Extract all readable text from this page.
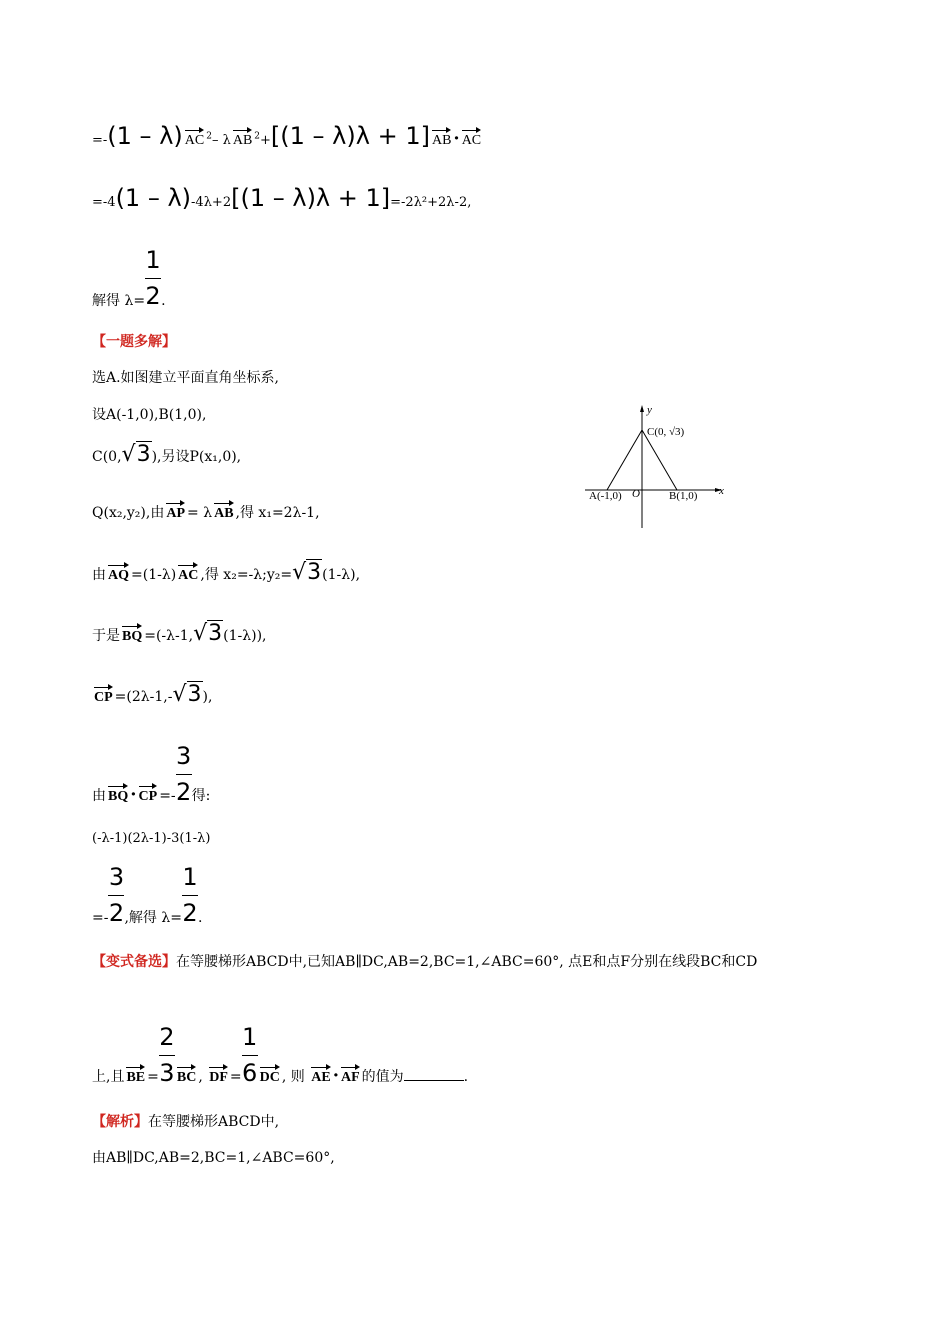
=-(1 – λ) AC $^2$– λ AB $^2$+[(1 – λ)λ + 1] AB · AC
=-4(1 – λ)-4λ+2[(1 – λ)λ + 1]=-2λ²+2λ-2,
解得 $\lambda= \frac{1}{2}$ .
【一题多解】
选A.如图建立平面直角坐标系,
设A(-1,0),B(1,0),
C(0,√3),另设P(x₁,0),
Q(x₂,y₂),由 AP = λ AB ,得 x₁=2λ-1,
由 AQ =(1-λ) AC ,得 x₂=-λ;y₂=√3(1-λ),
于是 BQ =(-λ-1,√3(1-λ)),
CP =(2λ-1,-√3),
由 BQ · CP =- $\frac{3}{2}$ 得:
(-λ-1)(2λ-1)-3(1-λ)
=- $\frac{3}{2}$ ,解得 $\lambda= \frac{1}{2}$ .
【变式备选】在等腰梯形ABCD中,已知AB∥DC,AB=2,BC=1,∠ABC=60°, 点E和点F分别在线段BC和CD
上,且 BE = $\frac{2}{3}$ BC , DF = $\frac{1}{6}$ DC , 则 AE · AF 的值为	.
【解析】在等腰梯形ABCD中,
由AB∥DC,AB=2,BC=1,∠ABC=60°,
y
x
O
A(-1,0)	B(1,0)
C(0, √3)
